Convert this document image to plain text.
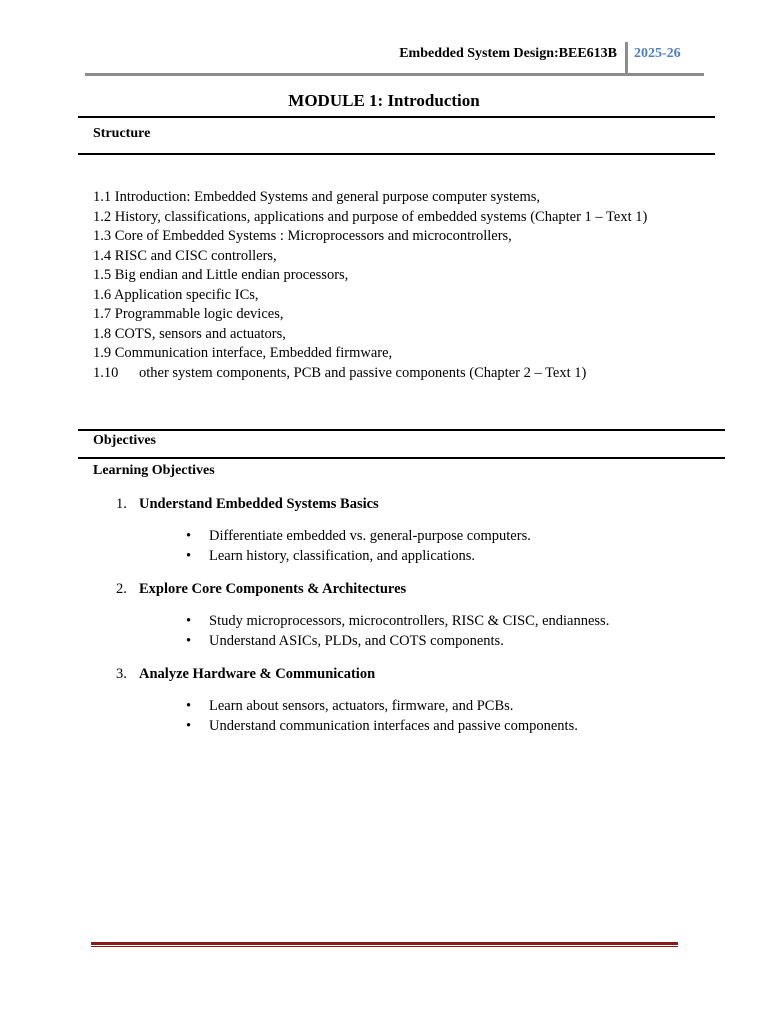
Embedded System Design:BEE613B 2025-26
MODULE 1: Introduction
Structure
1.1 Introduction: Embedded Systems and general purpose computer systems,
1.2 History, classifications, applications and purpose of embedded systems (Chapter 1 – Text 1)
1.3 Core of Embedded Systems : Microprocessors and microcontrollers,
1.4 RISC and CISC controllers,
1.5 Big endian and Little endian processors,
1.6 Application specific ICs,
1.7 Programmable logic devices,
1.8 COTS, sensors and actuators,
1.9 Communication interface, Embedded firmware,
1.10 other system components, PCB and passive components (Chapter 2 – Text 1)
Objectives
Learning Objectives
1. Understand Embedded Systems Basics
• Differentiate embedded vs. general-purpose computers.
• Learn history, classification, and applications.
2. Explore Core Components & Architectures
• Study microprocessors, microcontrollers, RISC & CISC, endianness.
• Understand ASICs, PLDs, and COTS components.
3. Analyze Hardware & Communication
• Learn about sensors, actuators, firmware, and PCBs.
• Understand communication interfaces and passive components.
